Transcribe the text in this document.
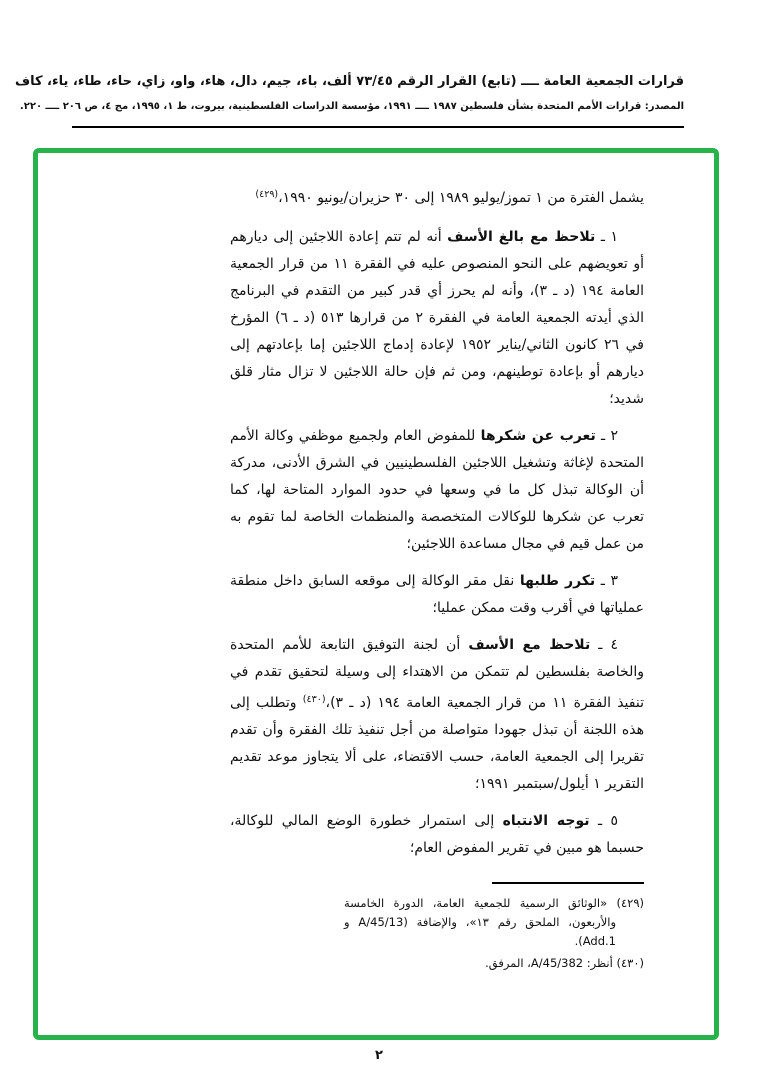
قرارات الجمعية العامة ــــ (تابع) القرار الرقم ٧٣/٤٥ ألف، باء، جيم، دال، هاء، واو، زاي، حاء، طاء، ياء، كاف
المصدر: قرارات الأمم المتحدة بشأن فلسطين ١٩٨٧ ــــ ١٩٩١، مؤسسة الدراسات الفلسطينية، بيروت، ط ١، ١٩٩٥، مج ٤، ص ٢٠٦ ــــ ٢٢٠.

يشمل الفترة من ١ تموز/يوليو ١٩٨٩ إلى ٣٠ حزيران/يونيو ١٩٩٠،$^{(٤٢٩)}$

١ ـ تلاحظ مع بالغ الأسف أنه لم تتم إعادة اللاجئين إلى ديارهم أو تعويضهم على النحو المنصوص عليه في الفقرة ١١ من قرار الجمعية العامة ١٩٤ (د ـ ٣)، وأنه لم يحرز أي قدر كبير من التقدم في البرنامج الذي أيدته الجمعية العامة في الفقرة ٢ من قرارها ٥١٣ (د ـ ٦) المؤرخ في ٢٦ كانون الثاني/يناير ١٩٥٢ لإعادة إدماج اللاجئين إما بإعادتهم إلى ديارهم أو بإعادة توطينهم، ومن ثم فإن حالة اللاجئين لا تزال مثار قلق شديد؛

٢ ـ تعرب عن شكرها للمفوض العام ولجميع موظفي وكالة الأمم المتحدة لإغاثة وتشغيل اللاجئين الفلسطينيين في الشرق الأدنى، مدركة أن الوكالة تبذل كل ما في وسعها في حدود الموارد المتاحة لها، كما تعرب عن شكرها للوكالات المتخصصة والمنظمات الخاصة لما تقوم به من عمل قيم في مجال مساعدة اللاجئين؛

٣ ـ تكرر طلبها نقل مقر الوكالة إلى موقعه السابق داخل منطقة عملياتها في أقرب وقت ممكن عمليا؛

٤ ـ تلاحظ مع الأسف أن لجنة التوفيق التابعة للأمم المتحدة والخاصة بفلسطين لم تتمكن من الاهتداء إلى وسيلة لتحقيق تقدم في تنفيذ الفقرة ١١ من قرار الجمعية العامة ١٩٤ (د ـ ٣)،$^{(٤٣٠)}$ وتطلب إلى هذه اللجنة أن تبذل جهودا متواصلة من أجل تنفيذ تلك الفقرة وأن تقدم تقريرا إلى الجمعية العامة، حسب الاقتضاء، على ألا يتجاوز موعد تقديم التقرير ١ أيلول/سبتمبر ١٩٩١؛

٥ ـ توجه الانتباه إلى استمرار خطورة الوضع المالي للوكالة، حسبما هو مبين في تقرير المفوض العام؛

(٤٢٩) «الوثائق الرسمية للجمعية العامة، الدورة الخامسة والأربعون، الملحق رقم ١٣»، والإضافة (A/45/13 و Add.1).

(٤٣٠) أنظر: A/45/382، المرفق.

٢
